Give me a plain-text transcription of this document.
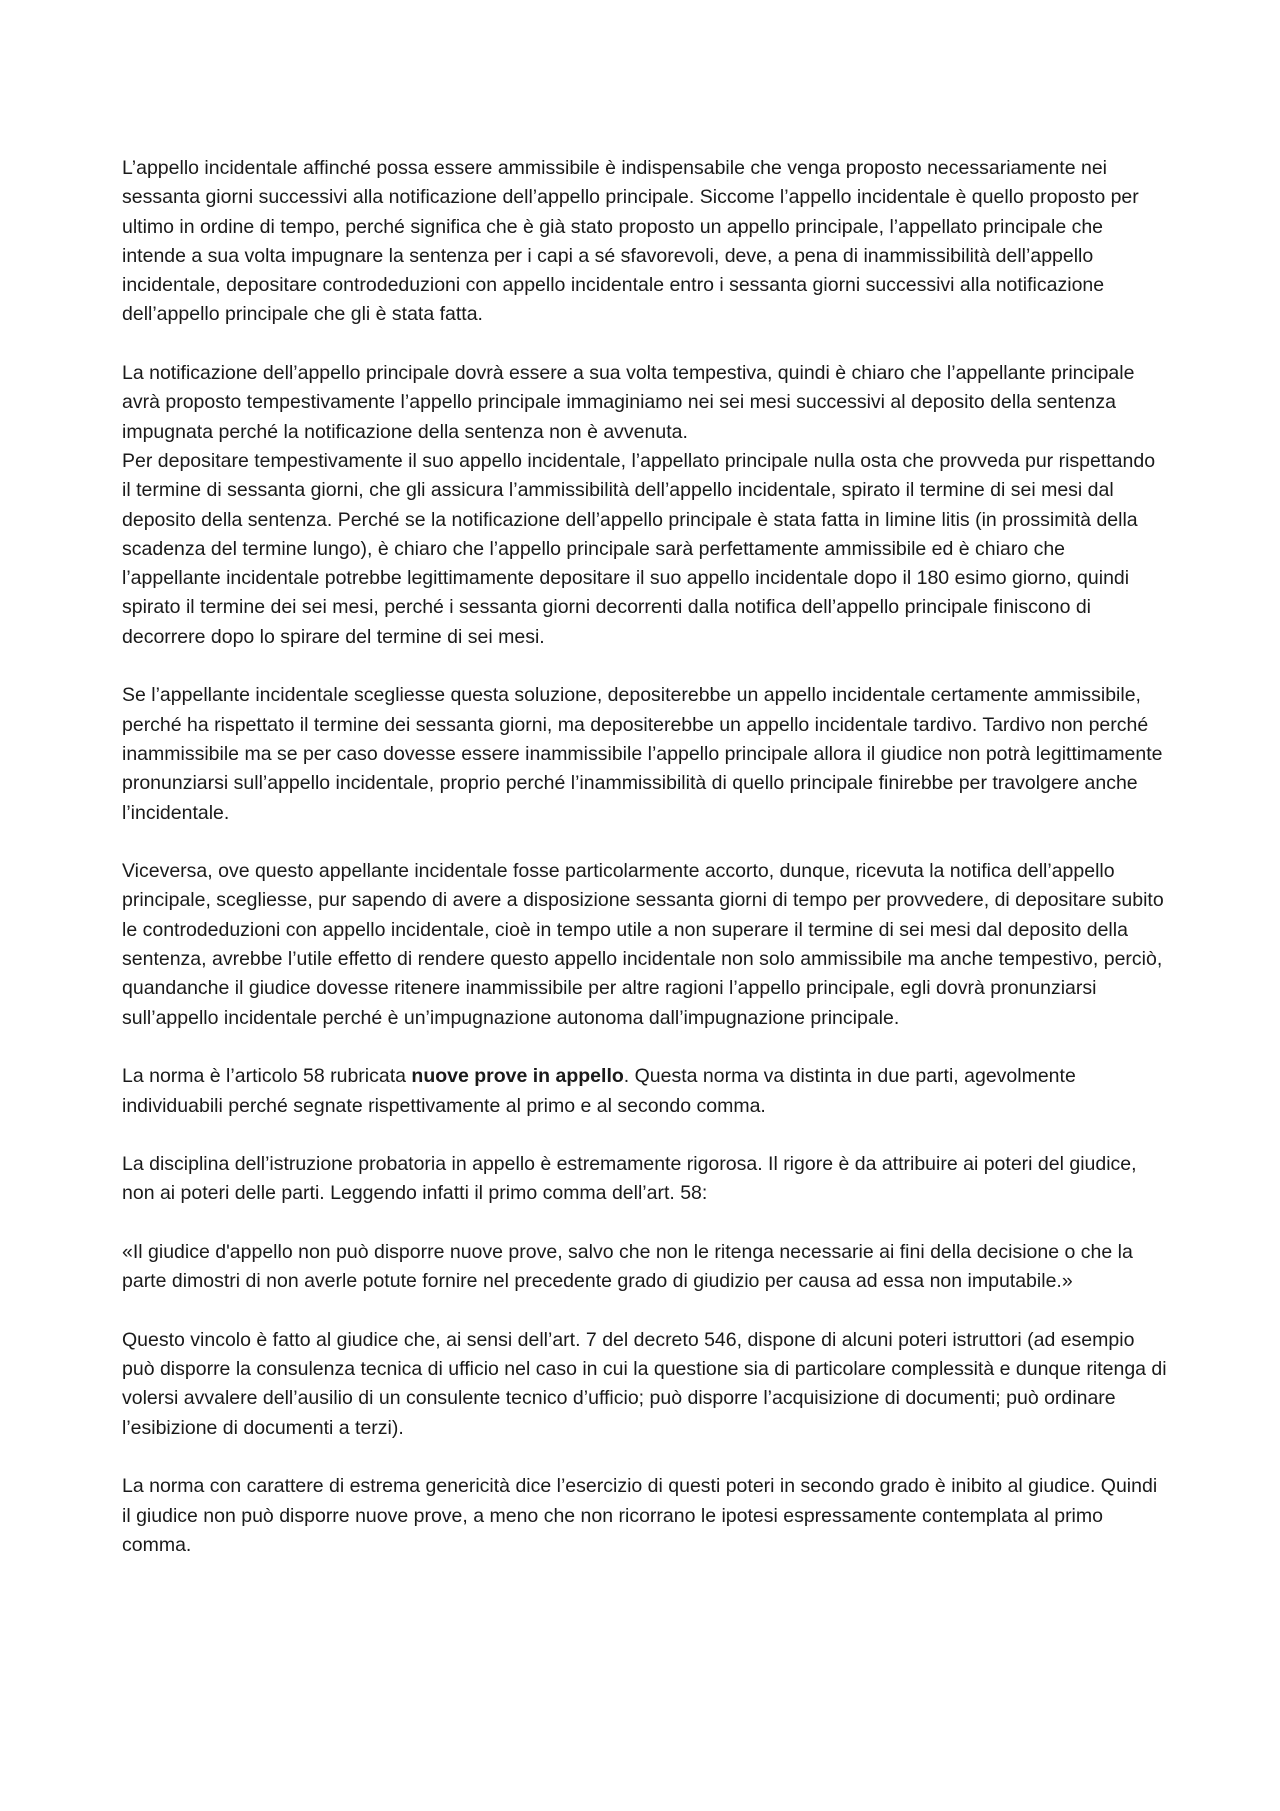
L’appello incidentale affinché possa essere ammissibile è indispensabile che venga proposto necessariamente nei sessanta giorni successivi alla notificazione dell’appello principale. Siccome l’appello incidentale è quello proposto per ultimo in ordine di tempo, perché significa che è già stato proposto un appello principale, l’appellato principale che intende a sua volta impugnare la sentenza per i capi a sé sfavorevoli, deve, a pena di inammissibilità dell’appello incidentale, depositare controdeduzioni con appello incidentale entro i sessanta giorni successivi alla notificazione dell’appello principale che gli è stata fatta.

La notificazione dell’appello principale dovrà essere a sua volta tempestiva, quindi è chiaro che l’appellante principale avrà proposto tempestivamente l’appello principale immaginiamo nei sei mesi successivi al deposito della sentenza impugnata perché la notificazione della sentenza non è avvenuta.

Per depositare tempestivamente il suo appello incidentale, l’appellato principale nulla osta che provveda pur rispettando il termine di sessanta giorni, che gli assicura l’ammissibilità dell’appello incidentale, spirato il termine di sei mesi dal deposito della sentenza. Perché se la notificazione dell’appello principale è stata fatta in limine litis (in prossimità della scadenza del termine lungo), è chiaro che l’appello principale sarà perfettamente ammissibile ed è chiaro che l’appellante incidentale potrebbe legittimamente depositare il suo appello incidentale dopo il 180 esimo giorno, quindi spirato il termine dei sei mesi, perché i sessanta giorni decorrenti dalla notifica dell’appello principale finiscono di decorrere dopo lo spirare del termine di sei mesi.

Se l’appellante incidentale scegliesse questa soluzione, depositerebbe un appello incidentale certamente ammissibile, perché ha rispettato il termine dei sessanta giorni, ma depositerebbe un appello incidentale tardivo. Tardivo non perché inammissibile ma se per caso dovesse essere inammissibile l’appello principale allora il giudice non potrà legittimamente pronunziarsi sull’appello incidentale, proprio perché l’inammissibilità di quello principale finirebbe per travolgere anche l’incidentale.

Viceversa, ove questo appellante incidentale fosse particolarmente accorto, dunque, ricevuta la notifica dell’appello principale, scegliesse, pur sapendo di avere a disposizione sessanta giorni di tempo per provvedere, di depositare subito le controdeduzioni con appello incidentale, cioè in tempo utile a non superare il termine di sei mesi dal deposito della sentenza, avrebbe l’utile effetto di rendere questo appello incidentale non solo ammissibile ma anche tempestivo, perciò, quandanche il giudice dovesse ritenere inammissibile per altre ragioni l’appello principale, egli dovrà pronunziarsi sull’appello incidentale perché è un’impugnazione autonoma dall’impugnazione principale.

La norma è l’articolo 58 rubricata nuove prove in appello. Questa norma va distinta in due parti, agevolmente individuabili perché segnate rispettivamente al primo e al secondo comma.

La disciplina dell’istruzione probatoria in appello è estremamente rigorosa. Il rigore è da attribuire ai poteri del giudice, non ai poteri delle parti. Leggendo infatti il primo comma dell’art. 58:

«Il giudice d'appello non può disporre nuove prove, salvo che non le ritenga necessarie ai fini della decisione o che la parte dimostri di non averle potute fornire nel precedente grado di giudizio per causa ad essa non imputabile.»

Questo vincolo è fatto al giudice che, ai sensi dell’art. 7 del decreto 546, dispone di alcuni poteri istruttori (ad esempio può disporre la consulenza tecnica di ufficio nel caso in cui la questione sia di particolare complessità e dunque ritenga di volersi avvalere dell’ausilio di un consulente tecnico d’ufficio; può disporre l’acquisizione di documenti; può ordinare l’esibizione di documenti a terzi).

La norma con carattere di estrema genericità dice l’esercizio di questi poteri in secondo grado è inibito al giudice. Quindi il giudice non può disporre nuove prove, a meno che non ricorrano le ipotesi espressamente contemplata al primo comma.
